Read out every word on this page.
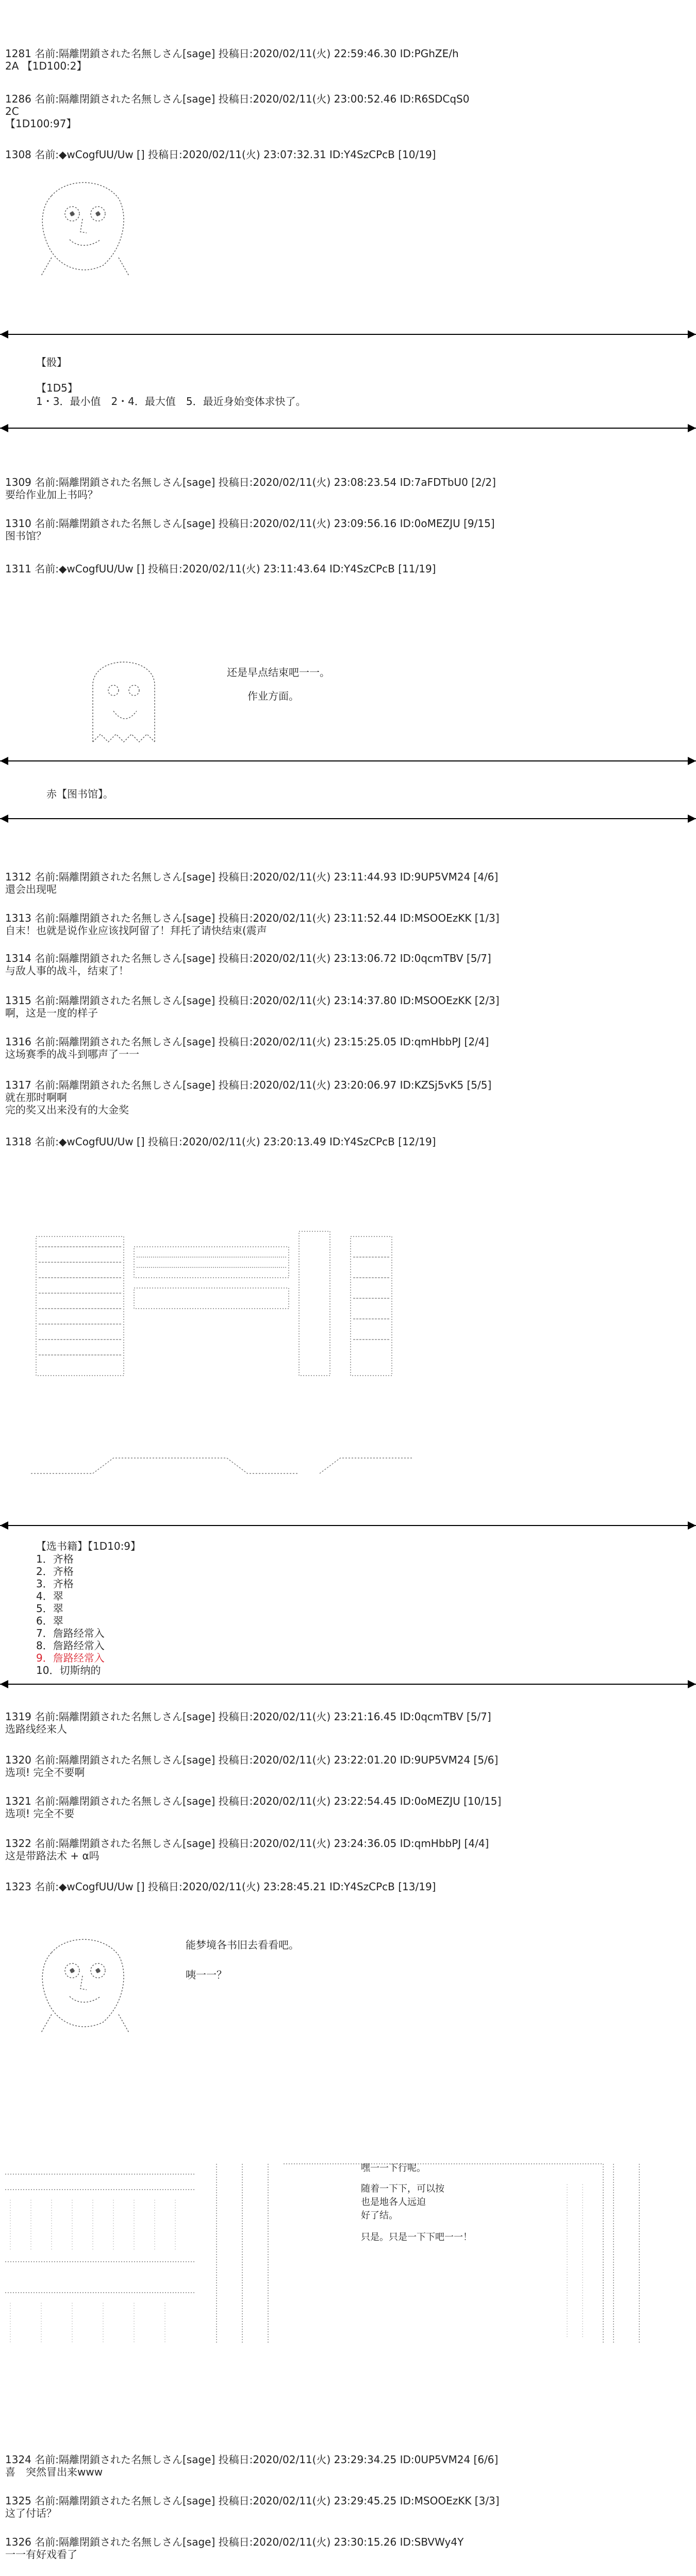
1281 名前:隔離閉鎖された名無しさん[sage] 投稿日:2020/02/11(火) 22:59:46.30 ID:PGhZE/h
2A 【1D100:2】
1286 名前:隔離閉鎖された名無しさん[sage] 投稿日:2020/02/11(火) 23:00:52.46 ID:R6SDCqS0
2C
【1D100:97】
1308 名前:◆wCogfUU/Uw [] 投稿日:2020/02/11(火) 23:07:32.31 ID:Y4SzCPcB [10/19]
【骰】
【1D5】
1・3．最小值　2・4．最大值　5．最近身始变体求快了。
1309 名前:隔離閉鎖された名無しさん[sage] 投稿日:2020/02/11(火) 23:08:23.54 ID:7aFDTbU0 [2/2]
要给作业加上书吗？
1310 名前:隔離閉鎖された名無しさん[sage] 投稿日:2020/02/11(火) 23:09:56.16 ID:0oMEZJU [9/15]
图书馆？
1311 名前:◆wCogfUU/Uw [] 投稿日:2020/02/11(火) 23:11:43.64 ID:Y4SzCPcB [11/19]
还是早点结束吧一一。
作业方面。
赤【图书馆】。
1312 名前:隔離閉鎖された名無しさん[sage] 投稿日:2020/02/11(火) 23:11:44.93 ID:9UP5VM24 [4/6]
還会出现呢
1313 名前:隔離閉鎖された名無しさん[sage] 投稿日:2020/02/11(火) 23:11:52.44 ID:MSOOEzKK [1/3]
自末！也就是说作业应该找阿留了！拜托了请快结束(震声
1314 名前:隔離閉鎖された名無しさん[sage] 投稿日:2020/02/11(火) 23:13:06.72 ID:0qcmTBV [5/7]
与敌人事的战斗，结束了！
1315 名前:隔離閉鎖された名無しさん[sage] 投稿日:2020/02/11(火) 23:14:37.80 ID:MSOOEzKK [2/3]
啊，这是一度的样子
1316 名前:隔離閉鎖された名無しさん[sage] 投稿日:2020/02/11(火) 23:15:25.05 ID:qmHbbPJ [2/4]
这场赛季的战斗到哪声了一一
1317 名前:隔離閉鎖された名無しさん[sage] 投稿日:2020/02/11(火) 23:20:06.97 ID:KZSj5vK5 [5/5]
就在那时啊啊
完的奖又出来没有的大金奖
1318 名前:◆wCogfUU/Uw [] 投稿日:2020/02/11(火) 23:20:13.49 ID:Y4SzCPcB [12/19]
【选书籍】【1D10:9】
1．齐格
2．齐格
3．齐格
4．翠
5．翠
6．翠
7．詹路经常入
8．詹路经常入
9．詹路经常入
10．切斯纳的
1319 名前:隔離閉鎖された名無しさん[sage] 投稿日:2020/02/11(火) 23:21:16.45 ID:0qcmTBV [5/7]
选路线经来人
1320 名前:隔離閉鎖された名無しさん[sage] 投稿日:2020/02/11(火) 23:22:01.20 ID:9UP5VM24 [5/6]
选项! 完全不要啊
1321 名前:隔離閉鎖された名無しさん[sage] 投稿日:2020/02/11(火) 23:22:54.45 ID:0oMEZJU [10/15]
选项! 完全不要
1322 名前:隔離閉鎖された名無しさん[sage] 投稿日:2020/02/11(火) 23:24:36.05 ID:qmHbbPJ [4/4]
这是带路法术 + α吗
1323 名前:◆wCogfUU/Uw [] 投稿日:2020/02/11(火) 23:28:45.21 ID:Y4SzCPcB [13/19]
能梦境各书旧去看看吧。
咦一一？
嘿一一下行呢。
随着一下下，可以按
也是地各人远迫
好了结。
只是。只是一下下吧一一！
1324 名前:隔離閉鎖された名無しさん[sage] 投稿日:2020/02/11(火) 23:29:34.25 ID:0UP5VM24 [6/6]
喜　突然冒出来www
1325 名前:隔離閉鎖された名無しさん[sage] 投稿日:2020/02/11(火) 23:29:45.25 ID:MSOOEzKK [3/3]
这了付话？
1326 名前:隔離閉鎖された名無しさん[sage] 投稿日:2020/02/11(火) 23:30:15.26 ID:SBVWy4Y
一一有好戏看了
